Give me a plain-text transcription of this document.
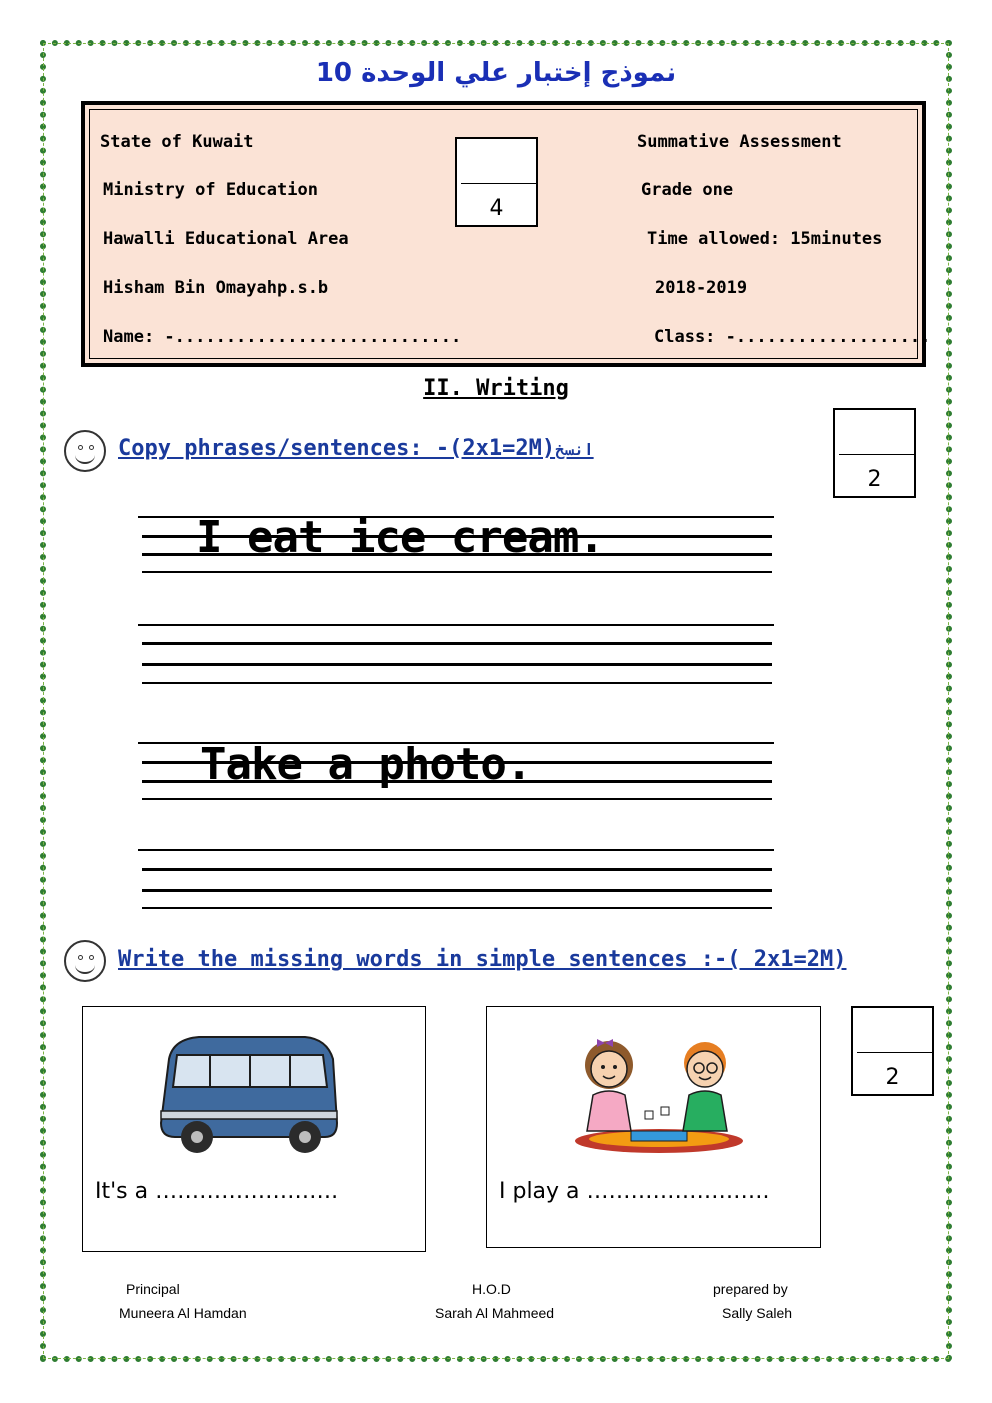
نموذج إختبار علي الوحدة 10
State of Kuwait
Ministry of Education
Hawalli Educational Area
Hisham Bin Omayahp.s.b
Name: -............................
Summative Assessment
Grade one
Time allowed: 15minutes
2018-2019
Class: -...................
4
II. Writing
Copy phrases/sentences: -(2x1=2M)انسخ
2
I eat ice cream.
Take a photo.
Write the missing words in simple sentences :-( 2x1=2M)
2
It's a …………………….	I play a …………………….
Principal
Muneera Al Hamdan
H.O.D
Sarah Al Mahmeed
prepared by
Sally Saleh
